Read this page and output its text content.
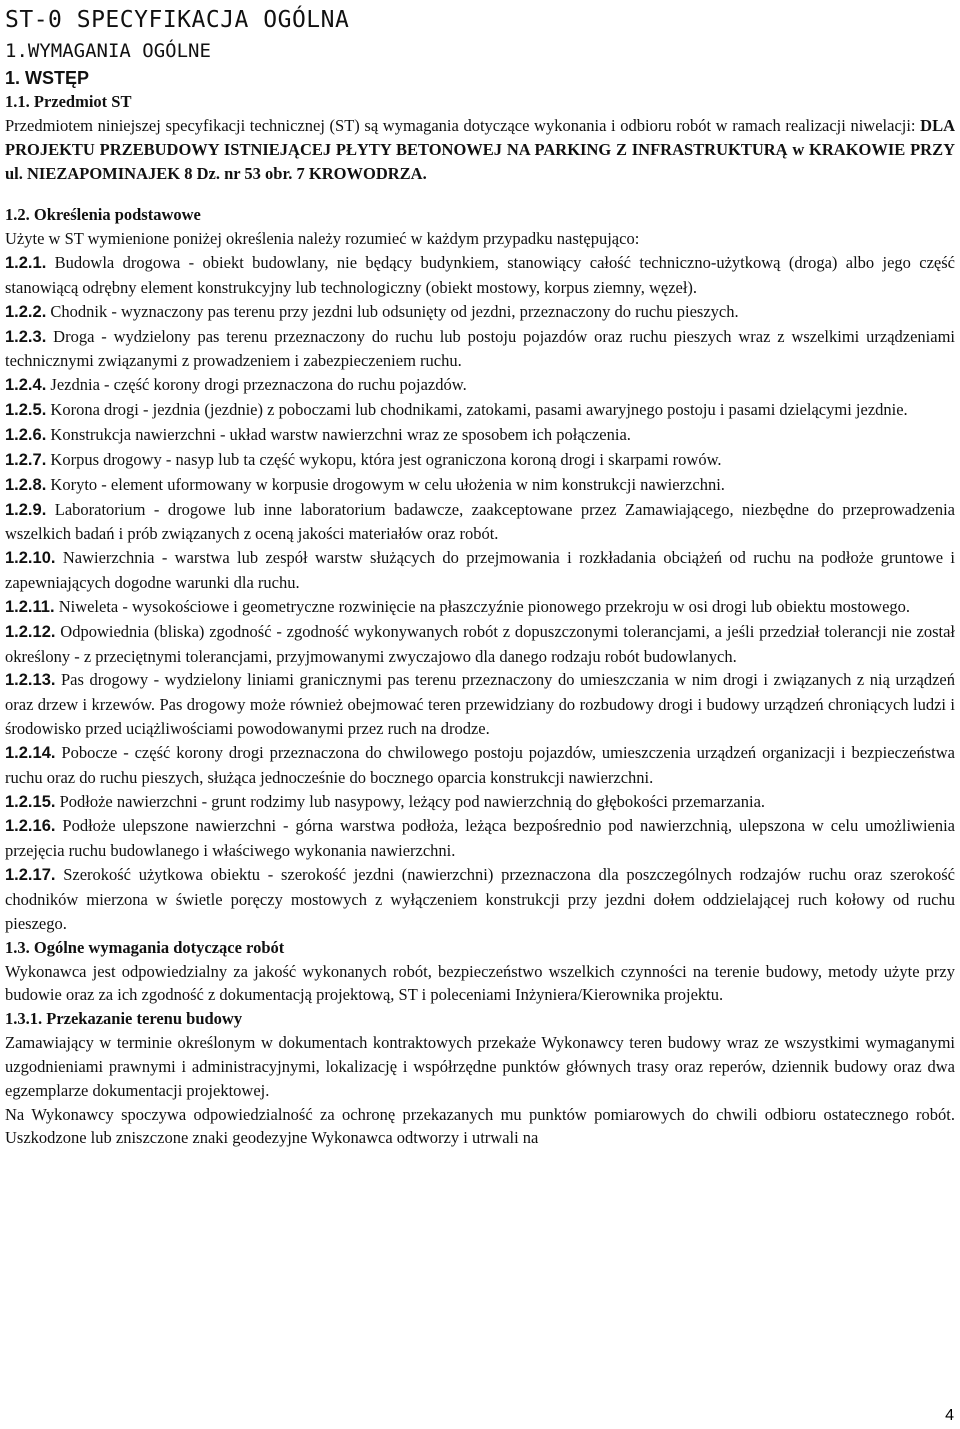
ST-0 SPECYFIKACJA OGÓLNA
1.WYMAGANIA OGÓLNE
1. WSTĘP
1.1. Przedmiot ST

Przedmiotem niniejszej specyfikacji technicznej (ST) są wymagania dotyczące wykonania i odbioru robót w ramach realizacji niwelacji: DLA PROJEKTU PRZEBUDOWY ISTNIEJĄCEJ PŁYTY BETONOWEJ NA PARKING Z INFRASTRUKTURĄ w KRAKOWIE PRZY ul. NIEZAPOMINAJEK 8 Dz. nr 53 obr. 7 KROWODRZA.

1.2. Określenia podstawowe
Użyte w ST wymienione poniżej określenia należy rozumieć w każdym przypadku następująco:

1.2.1. Budowla drogowa - obiekt budowlany, nie będący budynkiem, stanowiący całość techniczno-użytkową (droga) albo jego część stanowiącą odrębny element konstrukcyjny lub technologiczny (obiekt mostowy, korpus ziemny, węzeł).

1.2.2. Chodnik - wyznaczony pas terenu przy jezdni lub odsunięty od jezdni, przeznaczony do ruchu pieszych.

1.2.3. Droga - wydzielony pas terenu przeznaczony do ruchu lub postoju pojazdów oraz ruchu pieszych wraz z wszelkimi urządzeniami technicznymi związanymi z prowadzeniem i zabezpieczeniem ruchu.

1.2.4. Jezdnia - część korony drogi przeznaczona do ruchu pojazdów.

1.2.5. Korona drogi - jezdnia (jezdnie) z poboczami lub chodnikami, zatokami, pasami awaryjnego postoju i pasami dzielącymi jezdnie.

1.2.6. Konstrukcja nawierzchni - układ warstw nawierzchni wraz ze sposobem ich połączenia.

1.2.7. Korpus drogowy - nasyp lub ta część wykopu, która jest ograniczona koroną drogi i skarpami rowów.

1.2.8. Koryto - element uformowany w korpusie drogowym w celu ułożenia w nim konstrukcji nawierzchni.

1.2.9. Laboratorium - drogowe lub inne laboratorium badawcze, zaakceptowane przez Zamawiającego, niezbędne do przeprowadzenia wszelkich badań i prób związanych z oceną jakości materiałów oraz robót.

1.2.10. Nawierzchnia - warstwa lub zespół warstw służących do przejmowania i rozkładania obciążeń od ruchu na podłoże gruntowe i zapewniających dogodne warunki dla ruchu.

1.2.11. Niweleta - wysokościowe i geometryczne rozwinięcie na płaszczyźnie pionowego przekroju w osi drogi lub obiektu mostowego.

1.2.12. Odpowiednia (bliska) zgodność - zgodność wykonywanych robót z dopuszczonymi tolerancjami, a jeśli przedział tolerancji nie został określony - z przeciętnymi tolerancjami, przyjmowanymi zwyczajowo dla danego rodzaju robót budowlanych.

1.2.13. Pas drogowy - wydzielony liniami granicznymi pas terenu przeznaczony do umieszczania w nim drogi i związanych z nią urządzeń oraz drzew i krzewów. Pas drogowy może również obejmować teren przewidziany do rozbudowy drogi i budowy urządzeń chroniących ludzi i środowisko przed uciążliwościami powodowanymi przez ruch na drodze.

1.2.14. Pobocze - część korony drogi przeznaczona do chwilowego postoju pojazdów, umieszczenia urządzeń organizacji i bezpieczeństwa ruchu oraz do ruchu pieszych, służąca jednocześnie do bocznego oparcia konstrukcji nawierzchni.

1.2.15. Podłoże nawierzchni - grunt rodzimy lub nasypowy, leżący pod nawierzchnią do głębokości przemarzania.

1.2.16. Podłoże ulepszone nawierzchni - górna warstwa podłoża, leżąca bezpośrednio pod nawierzchnią, ulepszona w celu umożliwienia przejęcia ruchu budowlanego i właściwego wykonania nawierzchni.

1.2.17. Szerokość użytkowa obiektu - szerokość jezdni (nawierzchni) przeznaczona dla poszczególnych rodzajów ruchu oraz szerokość chodników mierzona w świetle poręczy mostowych z wyłączeniem konstrukcji przy jezdni dołem oddzielającej ruch kołowy od ruchu pieszego.

1.3. Ogólne wymagania dotyczące robót

Wykonawca jest odpowiedzialny za jakość wykonanych robót, bezpieczeństwo wszelkich czynności na terenie budowy, metody użyte przy budowie oraz za ich zgodność z dokumentacją projektową, ST i poleceniami Inżyniera/Kierownika projektu.

1.3.1. Przekazanie terenu budowy

Zamawiający w terminie określonym w dokumentach kontraktowych przekaże Wykonawcy teren budowy wraz ze wszystkimi wymaganymi uzgodnieniami prawnymi i administracyjnymi, lokalizację i współrzędne punktów głównych trasy oraz reperów, dziennik budowy oraz dwa egzemplarze dokumentacji projektowej.

Na Wykonawcy spoczywa odpowiedzialność za ochronę przekazanych mu punktów pomiarowych do chwili odbioru ostatecznego robót. Uszkodzone lub zniszczone znaki geodezyjne Wykonawca odtworzy i utrwali na

4
